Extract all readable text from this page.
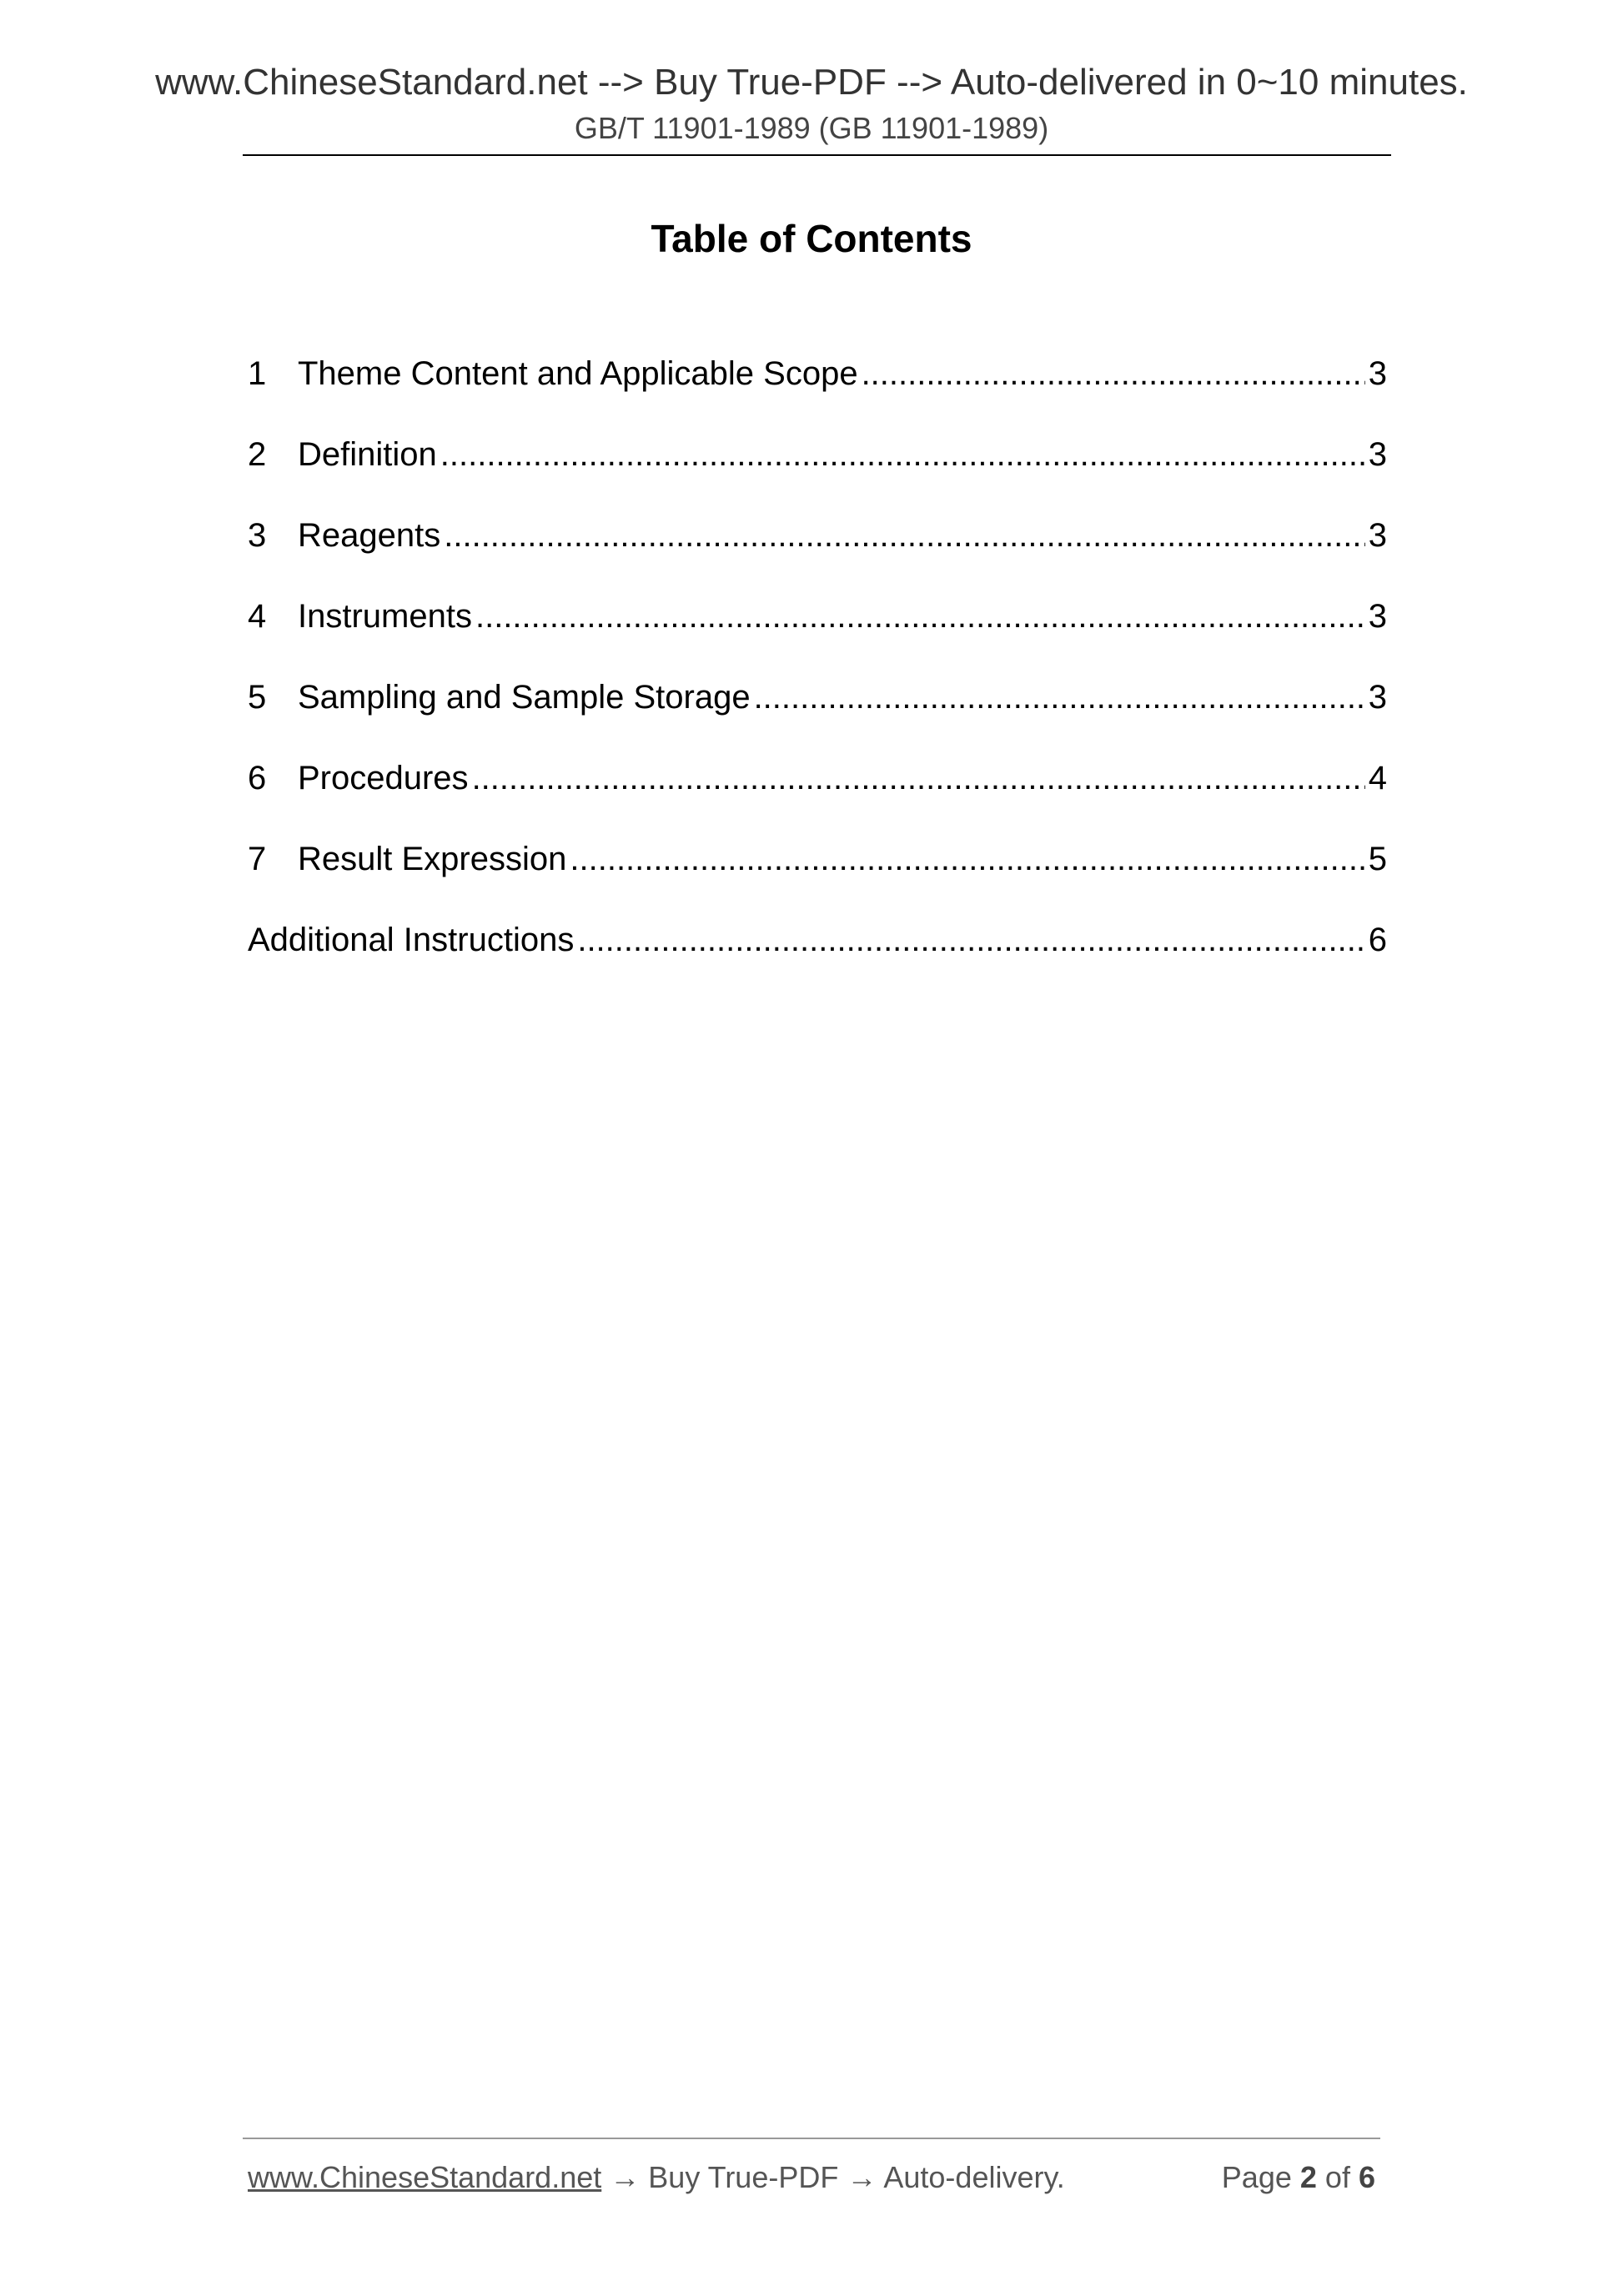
www.ChineseStandard.net --> Buy True-PDF --> Auto-delivered in 0~10 minutes.
GB/T 11901-1989 (GB 11901-1989)
Table of Contents
1 Theme Content and Applicable Scope .....	3
2 Definition .....	3
3 Reagents .....	3
4 Instruments .....	3
5 Sampling and Sample Storage .....	3
6 Procedures .....	4
7 Result Expression .....	5
Additional Instructions .....	6
www.ChineseStandard.net → Buy True-PDF → Auto-delivery.	Page 2 of 6
